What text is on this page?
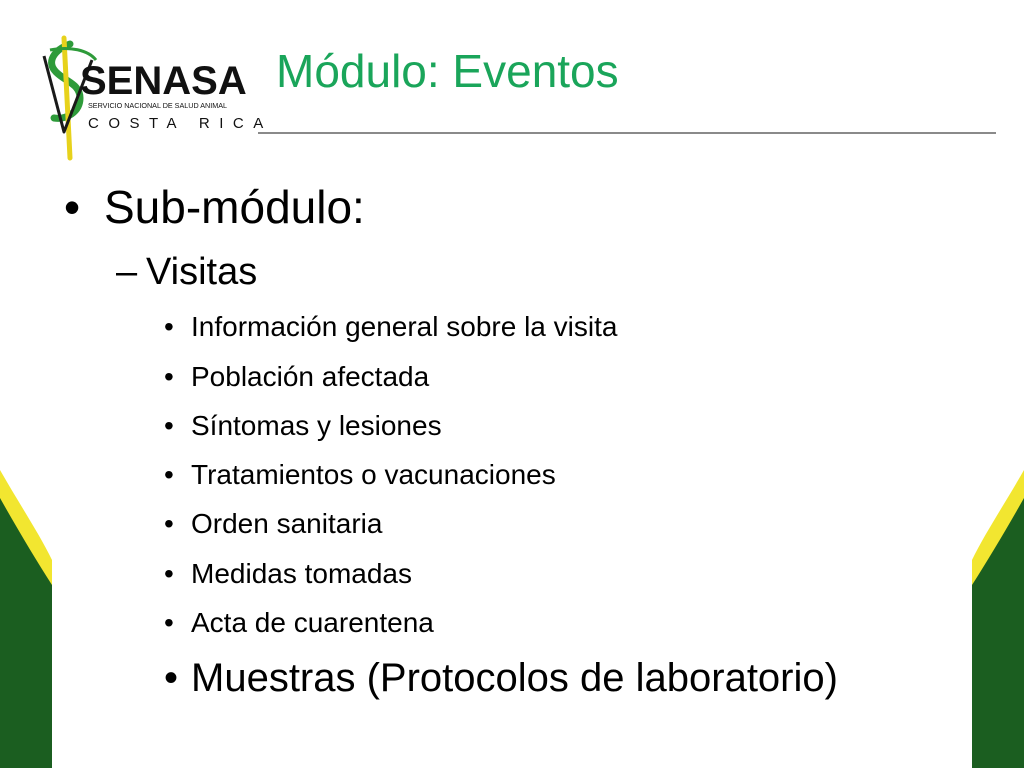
SENASA
SERVICIO NACIONAL DE SALUD ANIMAL
COSTA RICA
Módulo: Eventos
• Sub-módulo:
– Visitas
• Información general sobre la visita
• Población afectada
• Síntomas y lesiones
• Tratamientos o vacunaciones
• Orden sanitaria
• Medidas tomadas
• Acta de cuarentena
• Muestras (Protocolos de laboratorio)
